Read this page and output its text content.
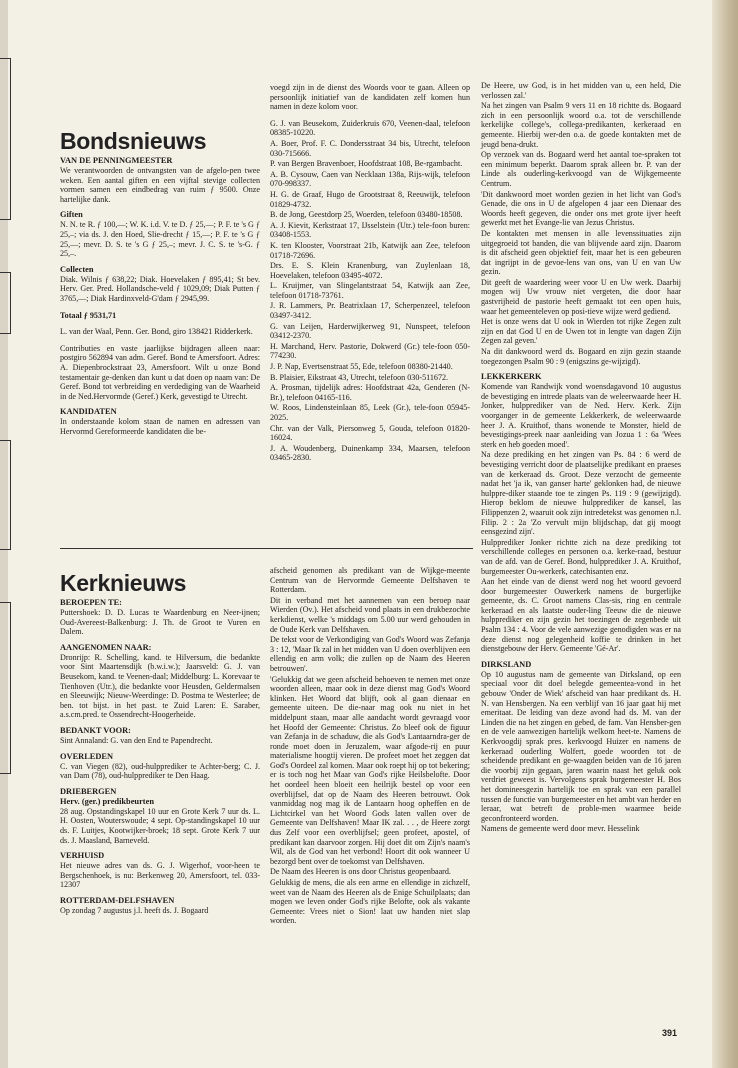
Bondsnieuws
VAN DE PENNINGMEESTER

We verantwoorden de ontvangsten van de afgelo-pen twee weken. Een aantal giften en een vijftal stevige collecten vormen samen een eindbedrag van ruim ƒ 9500. Onze hartelijke dank.

Giften

N. N. te R. ƒ 100,—; W. K. i.d. V. te D. ƒ 25,—; P. F. te 's G ƒ 25,–; via ds. J. den Hoed, Slie-drecht ƒ 15,—; P. F. te 's G ƒ 25,—; mevr. D. S. te 's G ƒ 25,–; mevr. J. C. S. te 's-G. ƒ 25,–.

Collecten

Diak. Wilnis ƒ 638,22; Diak. Hoevelaken ƒ 895,41; St bev. Herv. Ger. Pred. Hollandsche-veld ƒ 1029,09; Diak Putten ƒ 3765,—; Diak Hardinxveld-G'dam ƒ 2945,99.

Totaal ƒ 9531,71

L. van der Waal, Penn. Ger. Bond, giro 138421 Ridderkerk.

Contributies en vaste jaarlijkse bijdragen alleen naar: postgiro 562894 van adm. Geref. Bond te Amersfoort. Adres: A. Diepenbrockstraat 23, Amersfoort. Wilt u onze Bond testamentair ge-denken dan kunt u dat doen op naam van: De Geref. Bond tot verbreiding en verdediging van de Waarheid in de Ned.Hervormde (Geref.) Kerk, gevestigd te Utrecht.

KANDIDATEN

In onderstaande kolom staan de namen en adressen van Hervormd Gereformeerde kandidaten die be-

voegd zijn in de dienst des Woords voor te gaan. Alleen op persoonlijk initiatief van de kandidaten zelf komen hun namen in deze kolom voor.

G. J. van Beusekom, Zuiderkruis 670, Veenen-daal, telefoon 08385-10220.

A. Boer, Prof. F. C. Dondersstraat 34 bis, Utrecht, telefoon 030-715666.

P. van Bergen Bravenboer, Hoofdstraat 108, Be-rgambacht.

A. B. Cysouw, Caen van Necklaan 138a, Rijs-wijk, telefoon 070-998337.

H. G. de Graaf, Hugo de Grootstraat 8, Reeuwijk, telefoon 01829-4732.

B. de Jong, Geestdorp 25, Woerden, telefoon 03480-18508.

A. J. Kievit, Kerkstraat 17, IJsselstein (Utr.) tele-foon buren: 03408-1553.

K. ten Klooster, Voorstraat 21b, Katwijk aan Zee, telefoon 01718-72696.

Drs. E. S. Klein Kranenburg, van Zuylenlaan 18, Hoevelaken, telefoon 03495-4072.

L. Kruijmer, van Slingelantstraat 54, Katwijk aan Zee, telefoon 01718-73761.

J. R. Lammers, Pr. Beatrixlaan 17, Scherpenzeel, telefoon 03497-3412.

G. van Leijen, Harderwijkerweg 91, Nunspeet, telefoon 03412-2370.

H. Marchand, Herv. Pastorie, Dokwerd (Gr.) tele-foon 050-774230.

J. P. Nap, Evertsenstraat 55, Ede, telefoon 08380-21440.

B. Plaisier, Eikstraat 43, Utrecht, telefoon 030-511672.

A. Prosman, tijdelijk adres: Hoofdstraat 42a, Genderen (N-Br.), telefoon 04165-116.

W. Roos, Lindensteinlaan 85, Leek (Gr.), tele-foon 05945-2025.

Chr. van der Valk, Piersonweg 5, Gouda, telefoon 01820-16024.

J. A. Woudenberg, Duinenkamp 334, Maarsen, telefoon 03465-2830.

Kerknieuws
BEROEPEN TE:

Puttershoek: D. D. Lucas te Waardenburg en Neer-ijnen; Oud-Avereest-Balkenburg: J. Th. de Groot te Vuren en Dalem.

AANGENOMEN NAAR:

Dronrijp: R. Schelling, kand. te Hilversum, die bedankte voor Sint Maartensdijk (b.w.i.w.); Jaarsveld: G. J. van Beusekom, kand. te Veenen-daal; Middelburg: L. Korevaar te Tienhoven (Utr.), die bedankte voor Heusden, Geldermalsen en Sleeuwijk; Nieuw-Weerdinge: D. Postma te Westerlee; de ben. tot bijst. in het past. te Zuid Laren: E. Saraber, a.s.cm.pred. te Ossendrecht-Hoogerheide.

BEDANKT VOOR:

Sint Annaland: G. van den End te Papendrecht.

OVERLEDEN

C. van Viegen (82), oud-hulpprediker te Achter-berg; C. J. van Dam (78), oud-hulpprediker te Den Haag.

DRIEBERGEN
Herv. (ger.) predikbeurten

28 aug. Opstandingskapel 10 uur en Grote Kerk 7 uur ds. L. H. Oosten, Wouterswoude; 4 sept. Op-standingskapel 10 uur ds. F. Luitjes, Kootwijker-broek; 18 sept. Grote Kerk 7 uur ds. J. Maasland, Barneveld.

VERHUISD

Het nieuwe adres van ds. G. J. Wigerhof, voor-heen te Bergschenhoek, is nu: Berkenweg 20, Amersfoort, tel. 033-12307

ROTTERDAM-DELFSHAVEN

Op zondag 7 augustus j.l. heeft ds. J. Bogaard

afscheid genomen als predikant van de Wijkge-meente Centrum van de Hervormde Gemeente Delfshaven te Rotterdam.

Dit in verband met het aannemen van een beroep naar Wierden (Ov.). Het afscheid vond plaats in een drukbezochte kerkdienst, welke 's middags om 5.00 uur werd gehouden in de Oude Kerk van Delfshaven.

De tekst voor de Verkondiging van God's Woord was Zefanja 3 : 12, 'Maar Ik zal in het midden van U doen overblijven een ellendig en arm volk; die zullen op de Naam des Heeren betrouwen'.

'Gelukkig dat we geen afscheid behoeven te nemen met onze woorden alleen, maar ook in deze dienst mag God's Woord klinken. Het Woord dat blijft, ook al gaan dienaar en gemeente uiteen. De die-naar mag ook nu niet in het middelpunt staan, maar alle aandacht wordt gevraagd voor het Hoofd der Gemeente: Christus. Zo bleef ook de figuur van Zefanja in de schaduw, die als God's Lantaarndra-ger de ronde moet doen in Jeruzalem, waar afgode-rij en puur materialisme hoogtij vieren. De profeet moet het zeggen dat God's Oordeel zal komen. Maar ook roept hij op tot bekering; er is toch nog het Maar van God's rijke Heilsbelofte. Door het oordeel heen bloeit een heilrijk bestel op voor een overblijfsel, dat op de Naam des Heeren betrouwt. Ook vanmiddag nog mag ik de Lantaarn hoog opheffen en de Lichtcirkel van het Woord Gods laten vallen over de Gemeente van Delfshaven! Maar IK zal. . . , de Heere zorgt dus Zelf voor een overblijfsel; geen profeet, apostel, of predikant kan daarvoor zorgen. Hij doet dit om Zijn's naam's Wil, als de God van het verbond! Hoort dit ook wanneer U bezorgd bent over de toekomst van Delfshaven.

De Naam des Heeren is ons door Christus geopenbaard.

Gelukkig de mens, die als een arme en ellendige in zichzelf, weet van de Naam des Heeren als de Enige Schuilplaats; dan mogen we leven onder God's rijke Belofte, ook als vakante Gemeente: Vrees niet o Sion! laat uw handen niet slap worden.

De Heere, uw God, is in het midden van u, een held, Die verlossen zal.'

Na het zingen van Psalm 9 vers 11 en 18 richtte ds. Bogaard zich in een persoonlijk woord o.a. tot de verschillende kerkelijke college's, collega-predikanten, kerkeraad en gemeente. Hierbij wer-den o.a. de goede kontakten met de jeugd bena-drukt.

Op verzoek van ds. Bogaard werd het aantal toe-spraken tot een minimum beperkt. Daarom sprak alleen br. P. van der Linde als ouderling-kerkvoogd van de Wijkgemeente Centrum.

'Dit dankwoord moet worden gezien in het licht van God's Genade, die ons in U de afgelopen 4 jaar een Dienaar des Woords heeft gegeven, die onder ons met grote ijver heeft gewerkt met het Evange-lie van Jezus Christus.

De kontakten met mensen in alle levenssituaties zijn uitgegroeid tot banden, die van blijvende aard zijn. Daarom is dit afscheid geen objektief feit, maar het is een gebeuren dat ingrijpt in de gevoe-lens van ons, van U en van Uw gezin.

Dit geeft de waardering weer voor U en Uw werk. Daarbij mogen wij Uw vrouw niet vergeten, die door haar gastvrijheid de pastorie heeft gemaakt tot een open huis, waar het gemeenteleven op posi-tieve wijze werd gediend.

Het is onze wens dat U ook in Wierden tot rijke Zegen zult zijn en dat God U en de Uwen tot in lengte van dagen Zijn Zegen zal geven.'

Na dit dankwoord werd ds. Bogaard en zijn gezin staande toegezongen Psalm 90 : 9 (enigszins ge-wijzigd).

LEKKERKERK

Komende van Randwijk vond woensdagavond 10 augustus de bevestiging en intrede plaats van de weleerwaarde heer H. Jonker, hulpprediker van de Ned. Herv. Kerk. Zijn voorganger in de gemeente Lekkerkerk, de weleerwaarde heer J. A. Kruithof, thans wonende te Monster, hield de bevestigings-preek naar aanleiding van Jozua 1 : 6a 'Wees sterk en heb goeden moed'.

Na deze prediking en het zingen van Ps. 84 : 6 werd de bevestiging verricht door de plaatselijke predikant en praeses van de kerkeraad ds. Groot. Deze verzocht de gemeente nadat het 'ja ik, van ganser harte' geklonken had, de nieuwe hulppre-diker staande toe te zingen Ps. 119 : 9 (gewijzigd). Hierop beklom de nieuwe hulpprediker de kansel, las Filippenzen 2, waaruit ook zijn intredetekst was genomen n.l. Filip. 2 : 2a 'Zo vervult mijn blijdschap, dat gij moogt eensgezind zijn'.

Hulpprediker Jonker richtte zich na deze prediking tot verschillende colleges en personen o.a. kerke-raad, bestuur van de afd. van de Geref. Bond, hulpprediker J. A. Kruithof, burgemeester Ou-werkerk, catechisanten enz.

Aan het einde van de dienst werd nog het woord gevoerd door burgemeester Ouwerkerk namens de burgerlijke gemeente, ds. C. Groot namens Clas-sis, ring en centrale kerkeraad en als laatste ouder-ling Teeuw die de nieuwe hulpprediker en zijn gezin het toezingen de zegenbede uit Psalm 134 : 4. Voor de vele aanwezige genodigden was er na deze dienst nog gelegenheid koffie te drinken in het dienstgebouw der Herv. Gemeente 'Gé-Ar'.

DIRKSLAND

Op 10 augustus nam de gemeente van Dirksland, op een speciaal voor dit doel belegde gemeentea-vond in het gebouw 'Onder de Wiek' afscheid van haar predikant ds. H. N. van Hensbergen. Na een verblijf van 16 jaar gaat hij met emeritaat. De leiding van deze avond had ds. M. van der Linden die na het zingen en gebed, de fam. Van Hensber-gen en de vele aanwezigen hartelijk welkom heet-te. Namens de Kerkvoogdij sprak pres. kerkvoogd Huizer en namens de kerkeraad ouderling Wolfert, goede woorden tot de scheidende predikant en ge-waagden beiden van de 16 jaren die voorbij zijn gegaan, jaren waarin naast het geluk ook verdriet geweest is. Vervolgens sprak burgemeester H. Bos het domineesgezin hartelijk toe en sprak van een parallel tussen de functie van burgemeester en het ambt van herder en leraar, wat betreft de proble-men waarmee beide geconfronteerd worden.

Namens de gemeente werd door mevr. Hesselink

391
